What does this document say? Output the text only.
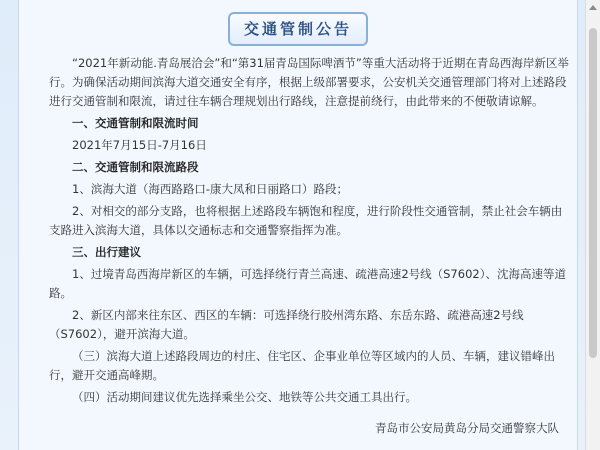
交通管制公告

“2021年新动能.青岛展洽会”和“第31届青岛国际啤酒节”等重大活动将于近期在青岛西海岸新区举行。为确保活动期间滨海大道交通安全有序，根据上级部署要求，公安机关交通管理部门将对上述路段进行交通管制和限流，请过往车辆合理规划出行路线，注意提前绕行，由此带来的不便敬请谅解。

一、交通管制和限流时间

2021年7月15日-7月16日

二、交通管制和限流路段

1、滨海大道（海西路路口-康大凤和日丽路口）路段；

2、对相交的部分支路，也将根据上述路段车辆饱和程度，进行阶段性交通管制，禁止社会车辆由支路进入滨海大道，具体以交通标志和交通警察指挥为准。

三、出行建议

1、过境青岛西海岸新区的车辆，可选择绕行青兰高速、疏港高速2号线（S7602）、沈海高速等道路。

2、新区内部来往东区、西区的车辆：可选择绕行胶州湾东路、东岳东路、疏港高速2号线（S7602），避开滨海大道。

（三）滨海大道上述路段周边的村庄、住宅区、企事业单位等区域内的人员、车辆，建议错峰出行，避开交通高峰期。

（四）活动期间建议优先选择乘坐公交、地铁等公共交通工具出行。

青岛市公安局黄岛分局交通警察大队
